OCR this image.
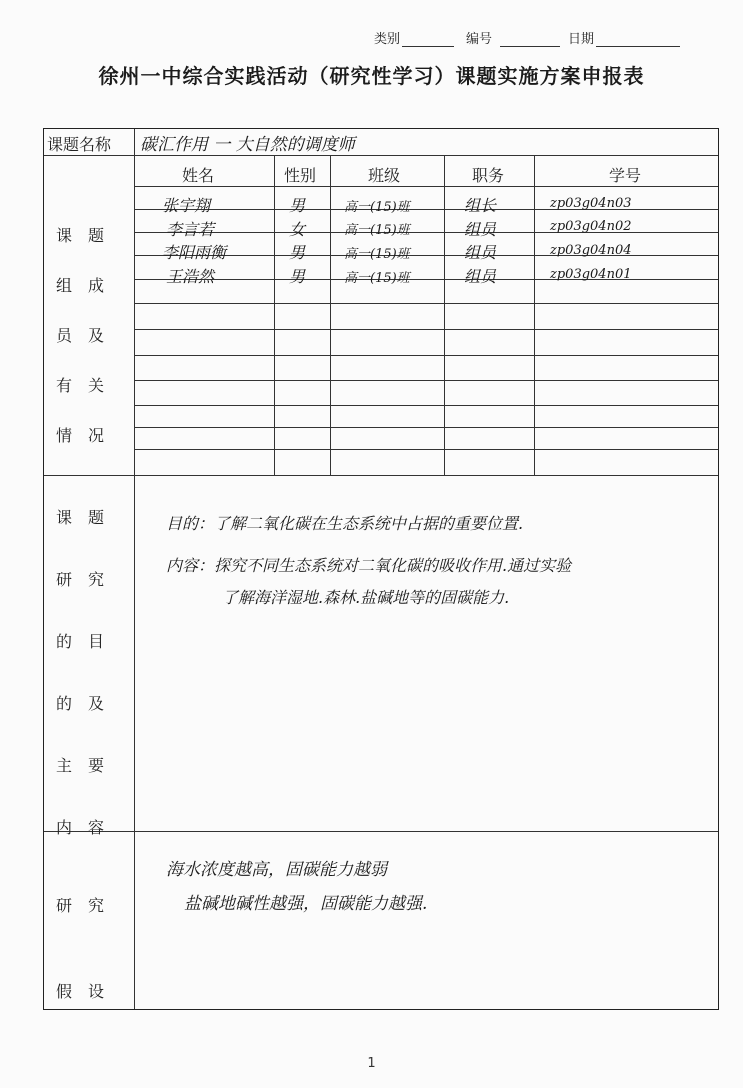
类别	编号	日期
徐州一中综合实践活动（研究性学习）课题实施方案申报表
课题名称 碳汇作用 一 大自然的调度师
姓名	性别	班级	职务	学号
课　题
组　成
员　及
有　关
情　况
张宇翔	男	高一(15)班	组长	zp03g04n03
李言若	女	高一(15)班	组员	zp03g04n02
李阳雨衡	男	高一(15)班	组员	zp03g04n04
王浩然	男	高一(15)班	组员	zp03g04n01
课　题
研　究
的　目
的　及
主　要
内　容
目的：了解二氧化碳在生态系统中占据的重要位置.
内容：探究不同生态系统对二氧化碳的吸收作用.通过实验
了解海洋湿地.森林.盐碱地等的固碳能力.
研　究
假　设
海水浓度越高，固碳能力越弱
盐碱地碱性越强，固碳能力越强.
1
